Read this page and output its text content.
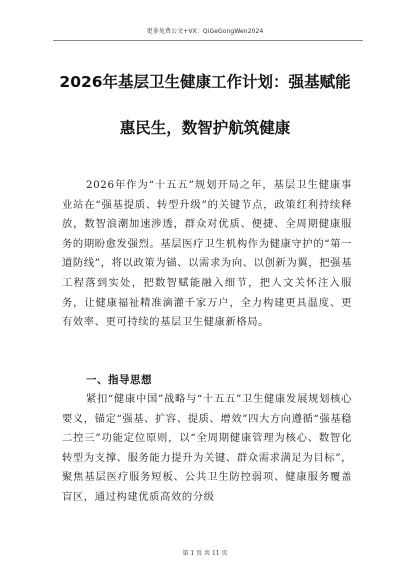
更多免费公文+VX：QiGeGongWen2024
2026年基层卫生健康工作计划：强基赋能
惠民生，数智护航筑健康

2026年作为“十五五”规划开局之年，基层卫生健康事业站在“强基提质、转型升级”的关键节点，政策红利持续释放，数智浪潮加速涉透，群众对优质、便捷、全周期健康服务的期盼愈发强烈。基层医疗卫生机构作为健康守护的“第一道防线”，将以政策为锚、以需求为向、以创新为翼，把强基工程落到实处，把数智赋能融入细节，把人文关怀注入服务，让健康福祉精准滴灌千家万户，全力构建更具温度、更有效率、更可持续的基层卫生健康新格局。

一、指导思想

紧扣“健康中国”战略与“十五五”卫生健康发展规划核心要义，锚定“强基、扩容、提质、增效”四大方向遵循“强基稳二控三”功能定位原则，以“全周期健康管理为核心、数智化转型为支撑、服务能力提升为关键、群众需求满足为目标”，聚焦基层医疗服务短板、公共卫生防控弱项、健康服务覆盖盲区，通过构建优质高效的分级

第 1 页 共 11 页
